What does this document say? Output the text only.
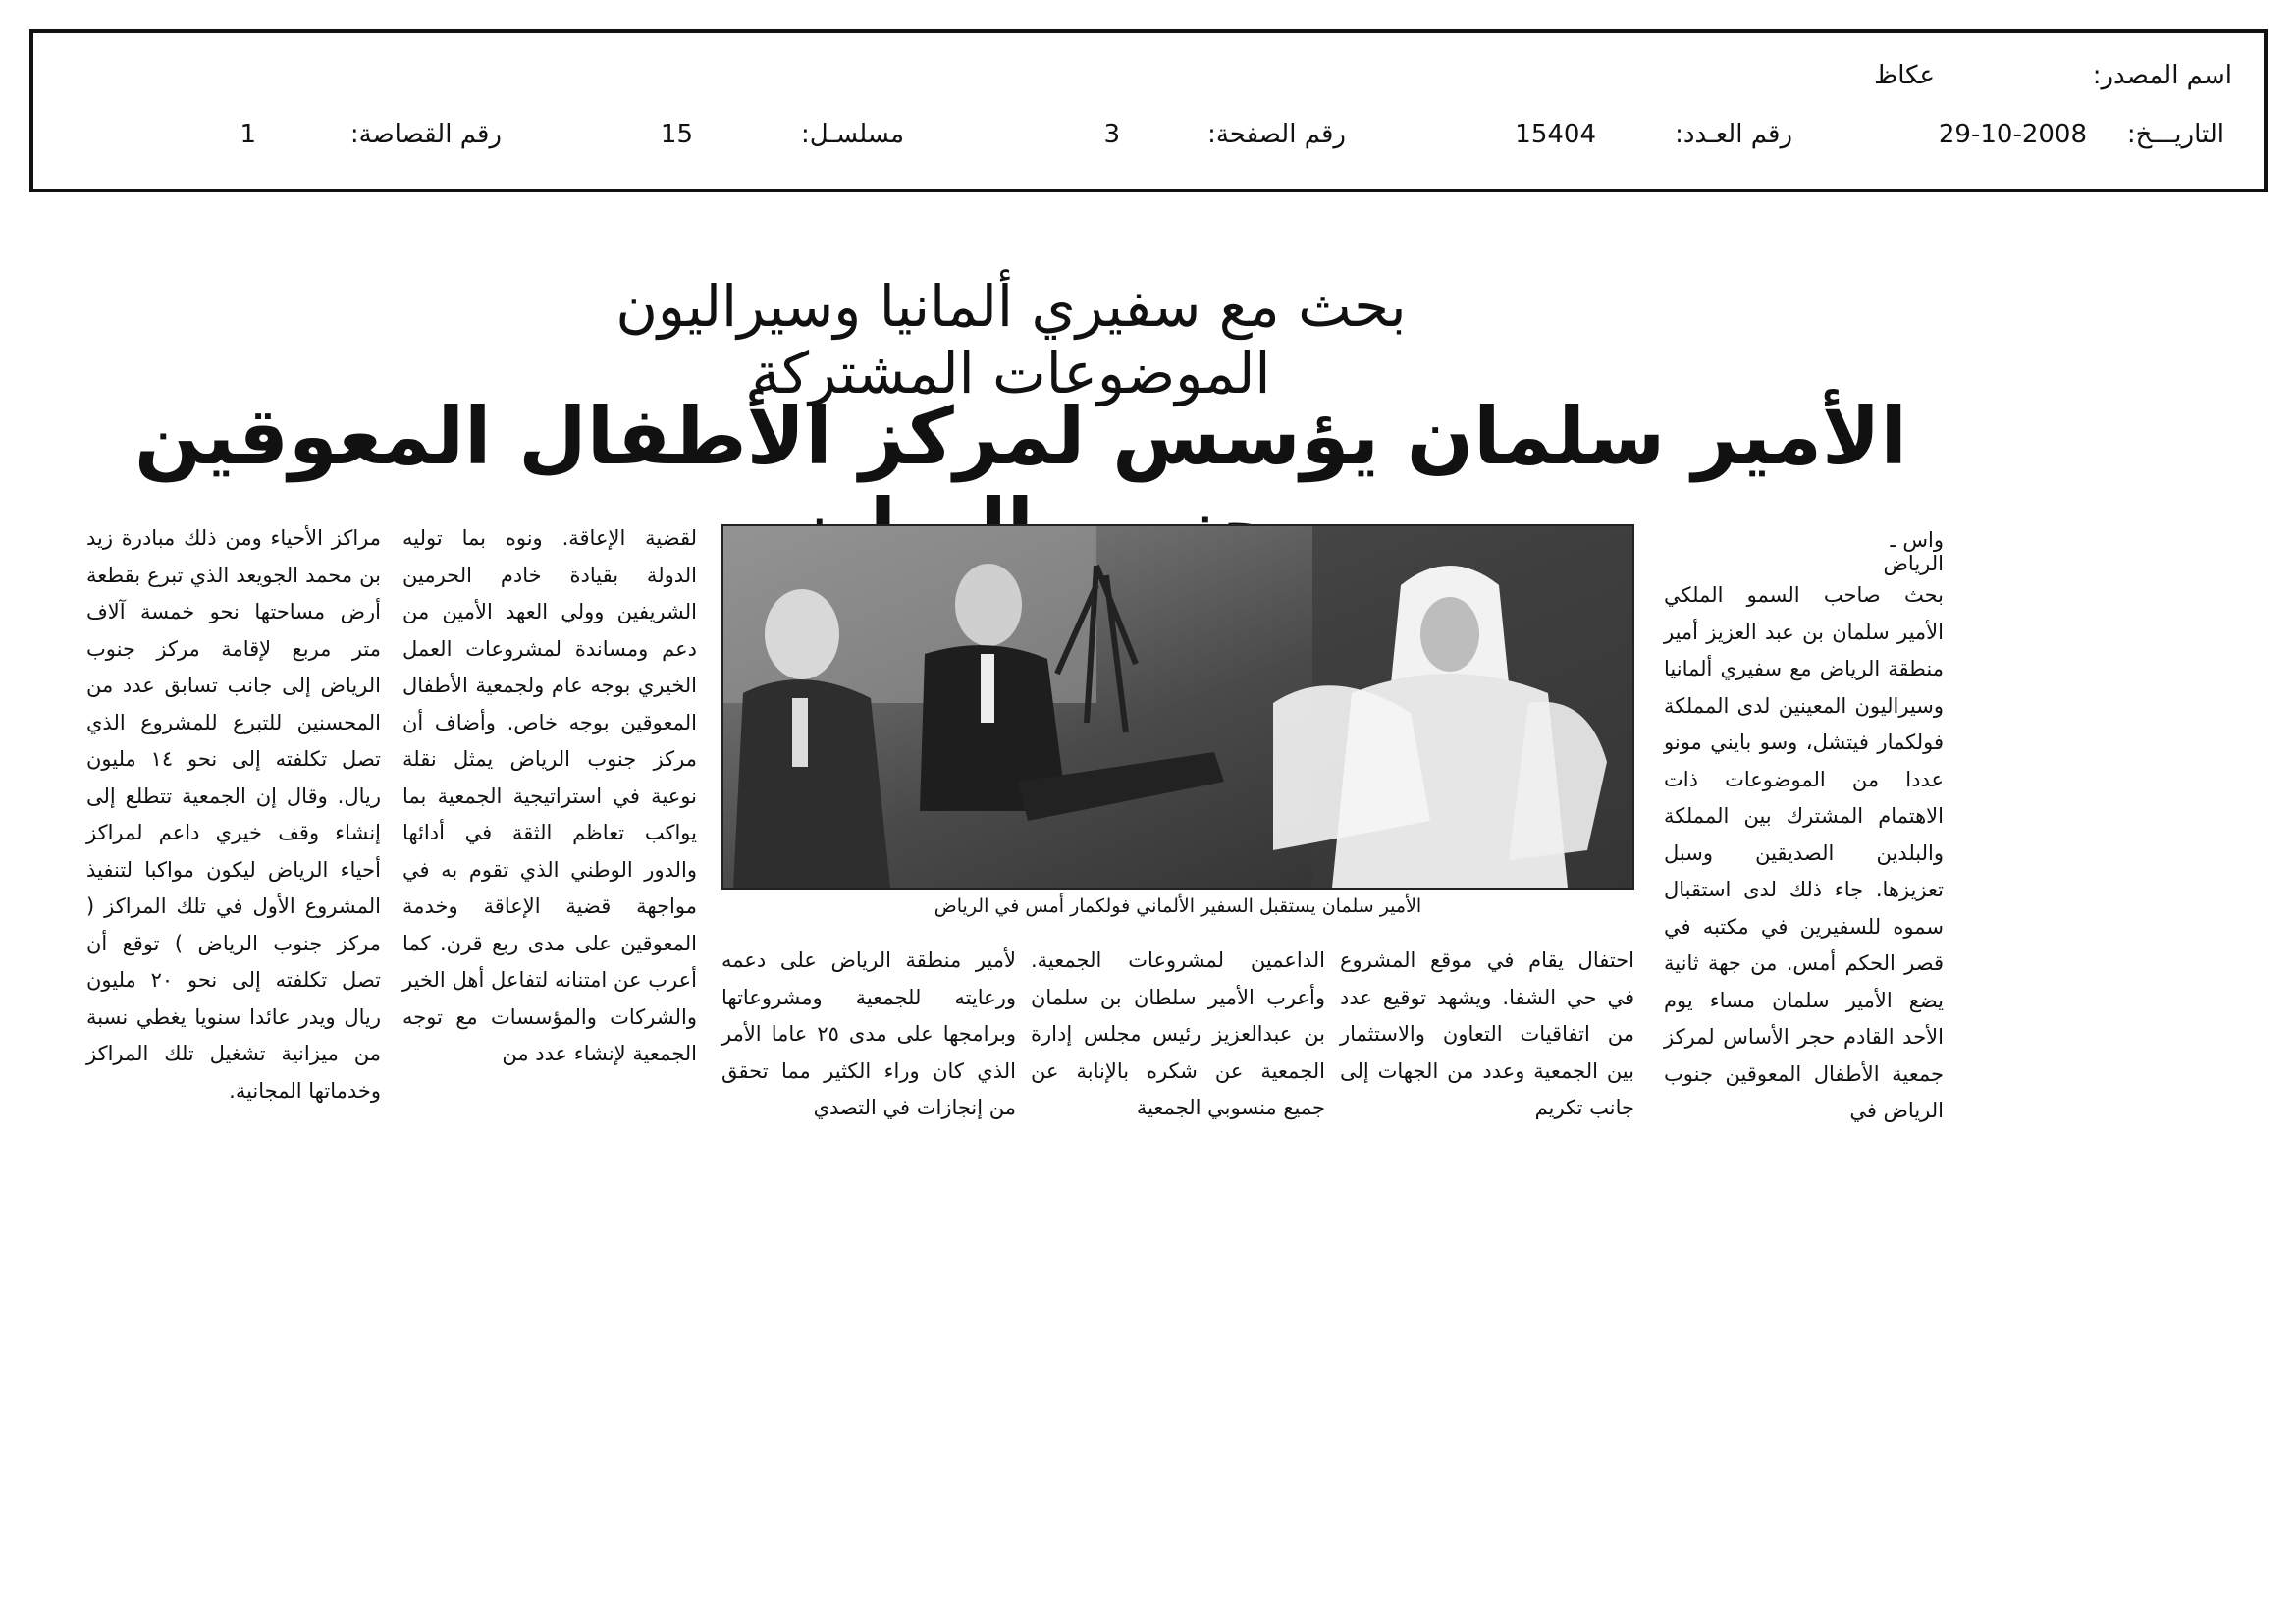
اسم المصدر:
عكاظ
التاريـــخ:
29-10-2008
رقم العـدد:
15404
رقم الصفحة:
3
مسلسـل:
15
رقم القصاصة:
1
بحث مع سفيري ألمانيا وسيراليون الموضوعات المشتركة
الأمير سلمان يؤسس لمركز الأطفال المعوقين
واس ـ الرياض
الأمير سلمان يستقبل السفير الألماني فولكمار أمس في الرياض
بحث صاحب السمو الملكي الأمير سلمان بن عبد العزيز أمير منطقة الرياض مع سفيري ألمانيا وسيراليون المعينين لدى المملكة فولكمار فيتشل، وسو بايني مونو عددا من الموضوعات ذات الاهتمام المشترك بين المملكة والبلدين الصديقين وسبل تعزيزها. جاء ذلك لدى استقبال سموه للسفيرين في مكتبه في قصر الحكم أمس. من جهة ثانية يضع الأمير سلمان مساء يوم الأحد القادم حجر الأساس لمركز جمعية الأطفال المعوقين جنوب الرياض في
احتفال يقام في موقع المشروع في حي الشفا. ويشهد توقيع عدد من اتفاقيات التعاون والاستثمار بين الجمعية وعدد من الجهات إلى جانب تكريم
الداعمين لمشروعات الجمعية. وأعرب الأمير سلطان بن سلمان بن عبدالعزيز رئيس مجلس إدارة الجمعية عن شكره بالإنابة عن جميع منسوبي الجمعية
لأمير منطقة الرياض على دعمه ورعايته للجمعية ومشروعاتها وبرامجها على مدى ٢٥ عاما الأمر الذي كان وراء الكثير مما تحقق من إنجازات في التصدي
لقضية الإعاقة. ونوه بما توليه الدولة بقيادة خادم الحرمين الشريفين وولي العهد الأمين من دعم ومساندة لمشروعات العمل الخيري بوجه عام ولجمعية الأطفال المعوقين بوجه خاص. وأضاف أن مركز جنوب الرياض يمثل نقلة نوعية في استراتيجية الجمعية بما يواكب تعاظم الثقة في أدائها والدور الوطني الذي تقوم به في مواجهة قضية الإعاقة وخدمة المعوقين على مدى ربع قرن. كما أعرب عن امتنانه لتفاعل أهل الخير والشركات والمؤسسات مع توجه الجمعية لإنشاء عدد من
مراكز الأحياء ومن ذلك مبادرة زيد بن محمد الجويعد الذي تبرع بقطعة أرض مساحتها نحو خمسة آلاف متر مربع لإقامة مركز جنوب الرياض إلى جانب تسابق عدد من المحسنين للتبرع للمشروع الذي تصل تكلفته إلى نحو ١٤ مليون ريال. وقال إن الجمعية تتطلع إلى إنشاء وقف خيري داعم لمراكز أحياء الرياض ليكون مواكبا لتنفيذ المشروع الأول في تلك المراكز ( مركز جنوب الرياض ) توقع أن تصل تكلفته إلى نحو ٢٠ مليون ريال ويدر عائدا سنويا يغطي نسبة من ميزانية تشغيل تلك المراكز وخدماتها المجانية.
